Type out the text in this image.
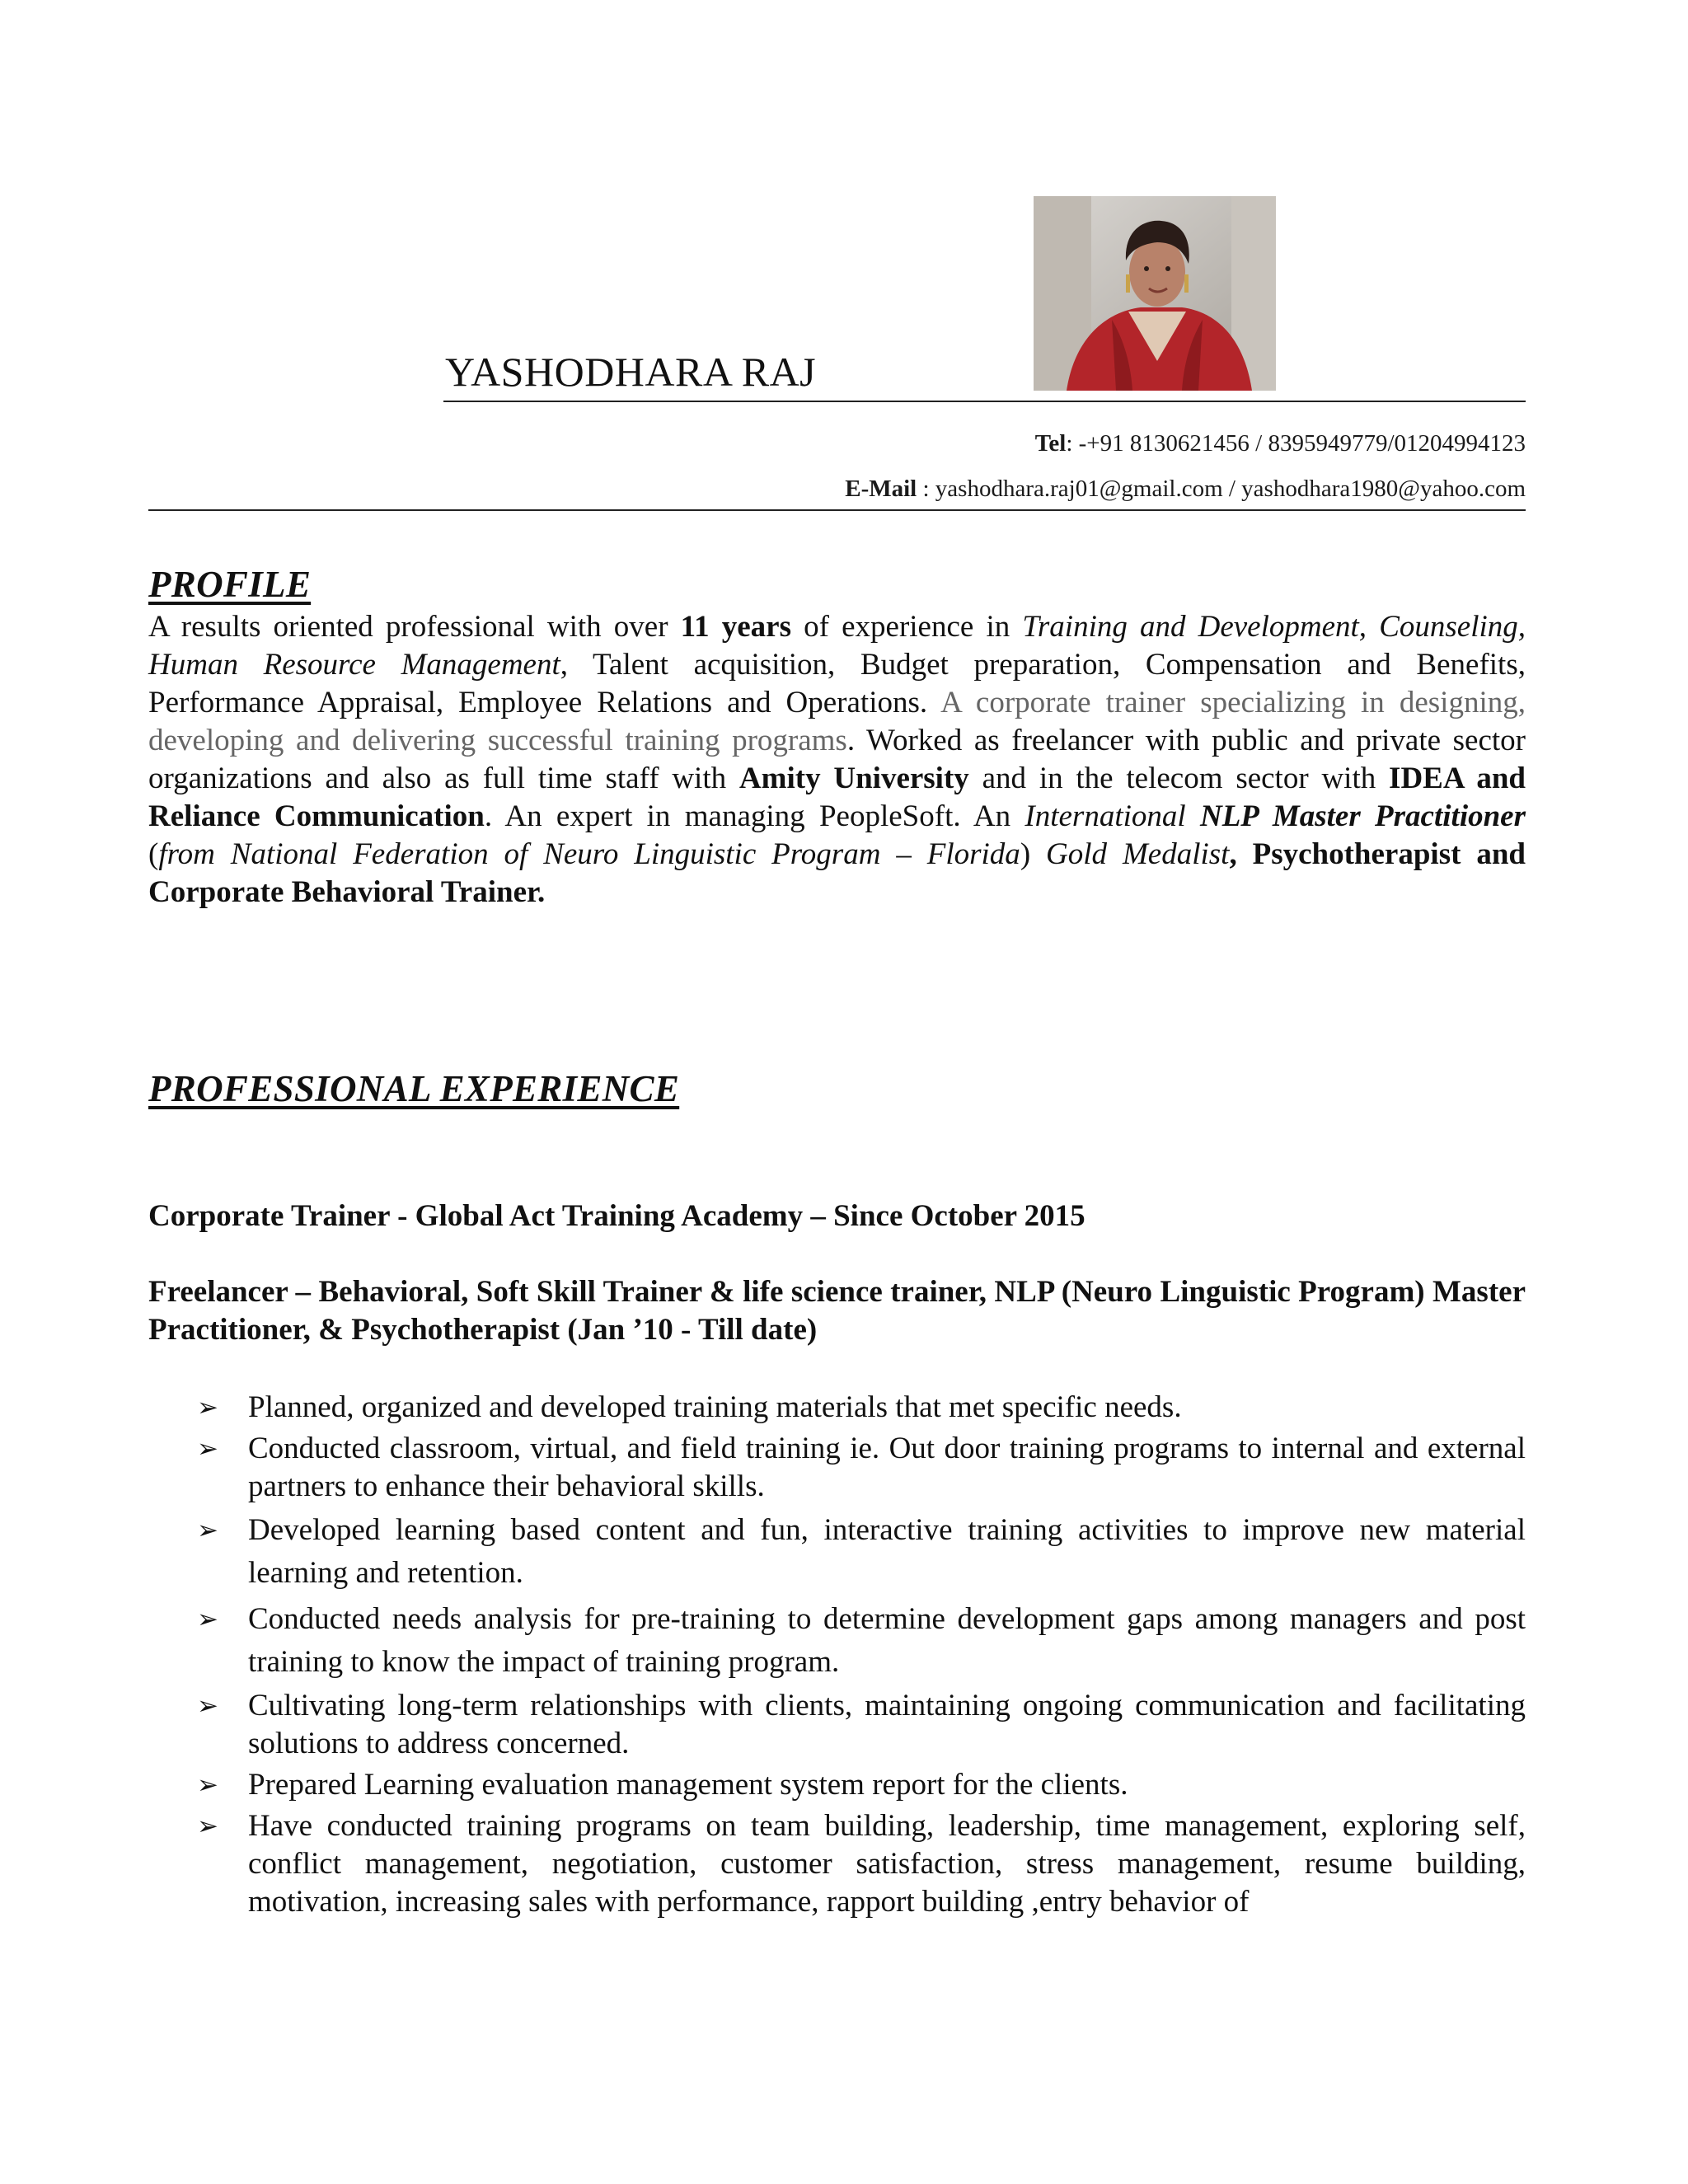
YASHODHARA RAJ
Tel: -+91 8130621456 / 8395949779/01204994123
E-Mail : yashodhara.raj01@gmail.com / yashodhara1980@yahoo.com
PROFILE

A results oriented professional with over 11 years of experience in Training and Development, Counseling, Human Resource Management, Talent acquisition, Budget preparation, Compensation and Benefits, Performance Appraisal, Employee Relations and Operations. A corporate trainer specializing in designing, developing and delivering successful training programs. Worked as freelancer with public and private sector organizations and also as full time staff with Amity University and in the telecom sector with IDEA and Reliance Communication. An expert in managing PeopleSoft. An International NLP Master Practitioner (from National Federation of Neuro Linguistic Program – Florida) Gold Medalist, Psychotherapist and Corporate Behavioral Trainer.

PROFESSIONAL EXPERIENCE

Corporate Trainer - Global Act Training Academy – Since October 2015

Freelancer – Behavioral, Soft Skill Trainer & life science trainer, NLP (Neuro Linguistic Program) Master Practitioner, & Psychotherapist (Jan ’10 - Till date)

➢ Planned, organized and developed training materials that met specific needs.
➢ Conducted classroom, virtual, and field training ie. Out door training programs to internal and external partners to enhance their behavioral skills.
➢ Developed learning based content and fun, interactive training activities to improve new material learning and retention.
➢ Conducted needs analysis for pre-training to determine development gaps among managers and post training to know the impact of training program.
➢ Cultivating long-term relationships with clients, maintaining ongoing communication and facilitating solutions to address concerned.
➢ Prepared Learning evaluation management system report for the clients.
➢ Have conducted training programs on team building, leadership, time management, exploring self, conflict management, negotiation, customer satisfaction, stress management, resume building, motivation, increasing sales with performance, rapport building ,entry behavior of
